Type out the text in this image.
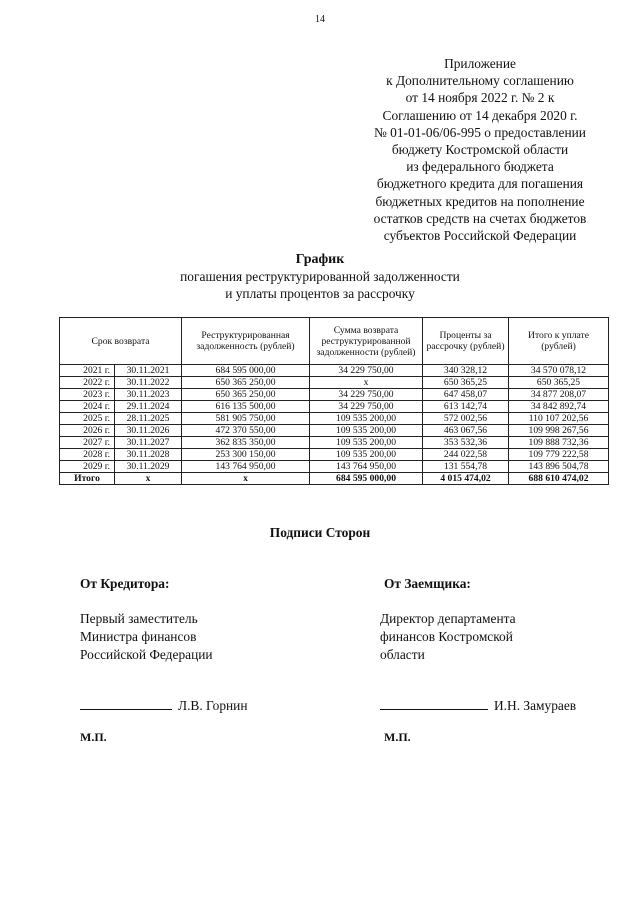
14
Приложение
к Дополнительному соглашению
от 14 ноября 2022 г. № 2 к
Соглашению от 14 декабря 2020 г.
№ 01-01-06/06-995 о предоставлении
бюджету Костромской области
из федерального бюджета
бюджетного кредита для погашения
бюджетных кредитов на пополнение
остатков средств на счетах бюджетов
субъектов Российской Федерации
График
погашения реструктурированной задолженности
и уплаты процентов за рассрочку
Срок возврата		Реструктурированная задолженность (рублей)	Сумма возврата реструктурированной задолженности (рублей)	Проценты за рассрочку (рублей)	Итого к уплате (рублей)
2021 г.	30.11.2021	684 595 000,00	34 229 750,00	340 328,12	34 570 078,12
2022 г.	30.11.2022	650 365 250,00	x	650 365,25	650 365,25
2023 г.	30.11.2023	650 365 250,00	34 229 750,00	647 458,07	34 877 208,07
2024 г.	29.11.2024	616 135 500,00	34 229 750,00	613 142,74	34 842 892,74
2025 г.	28.11.2025	581 905 750,00	109 535 200,00	572 002,56	110 107 202,56
2026 г.	30.11.2026	472 370 550,00	109 535 200,00	463 067,56	109 998 267,56
2027 г.	30.11.2027	362 835 350,00	109 535 200,00	353 532,36	109 888 732,36
2028 г.	30.11.2028	253 300 150,00	109 535 200,00	244 022,58	109 779 222,58
2029 г.	30.11.2029	143 764 950,00	143 764 950,00	131 554,78	143 896 504,78
Итого	x	x	684 595 000,00	4 015 474,02	688 610 474,02
Подписи Сторон
От Кредитора:	От Заемщика:
Первый заместитель
Министра финансов
Российской Федерации
Директор департамента
финансов Костромской
области
Л.В. Горнин	И.Н. Замураев
М.П.	М.П.
